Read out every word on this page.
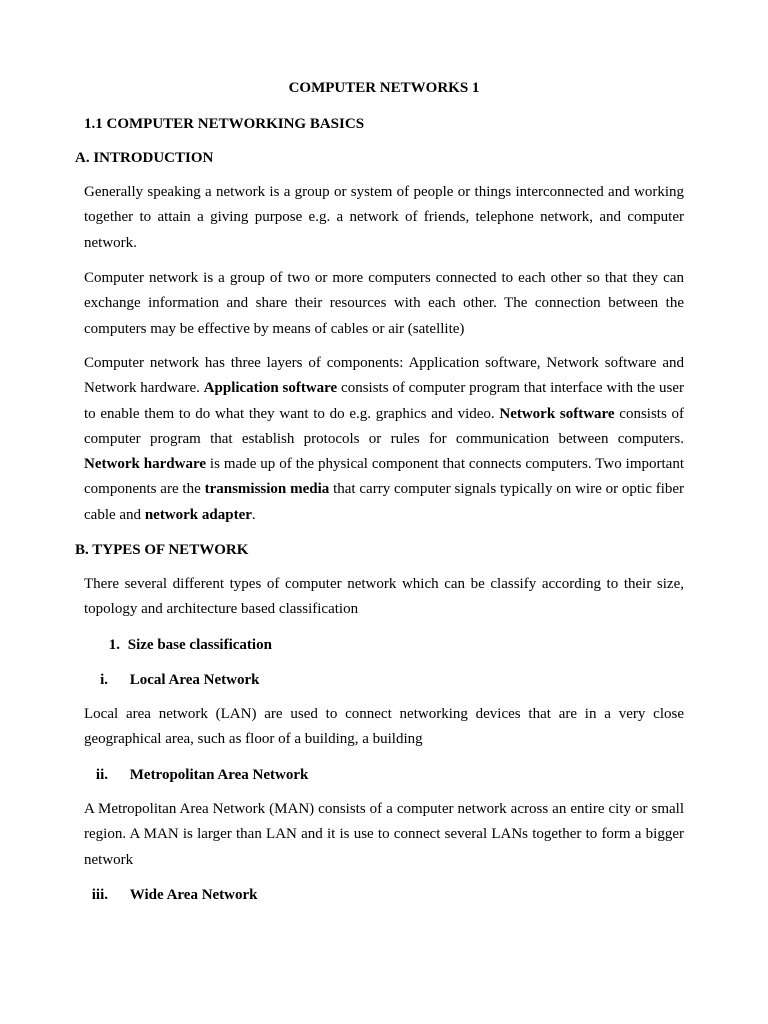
COMPUTER NETWORKS 1
1.1 COMPUTER NETWORKING BASICS
A. INTRODUCTION
Generally speaking a network is a group or system of people or things interconnected and working together to attain a giving purpose e.g. a network of friends, telephone network, and computer network.
Computer network is a group of two or more computers connected to each other so that they can exchange information and share their resources with each other. The connection between the computers may be effective by means of cables or air (satellite)
Computer network has three layers of components: Application software, Network software and Network hardware. Application software consists of computer program that interface with the user to enable them to do what they want to do e.g. graphics and video. Network software consists of computer program that establish protocols or rules for communication between computers. Network hardware is made up of the physical component that connects computers. Two important components are the transmission media that carry computer signals typically on wire or optic fiber cable and network adapter.
B. TYPES OF NETWORK
There several different types of computer network which can be classify according to their size, topology and architecture based classification
1. Size base classification
i. Local Area Network
Local area network (LAN) are used to connect networking devices that are in a very close geographical area, such as floor of a building, a building
ii. Metropolitan Area Network
A Metropolitan Area Network (MAN) consists of a computer network across an entire city or small region. A MAN is larger than LAN and it is use to connect several LANs together to form a bigger network
iii. Wide Area Network
